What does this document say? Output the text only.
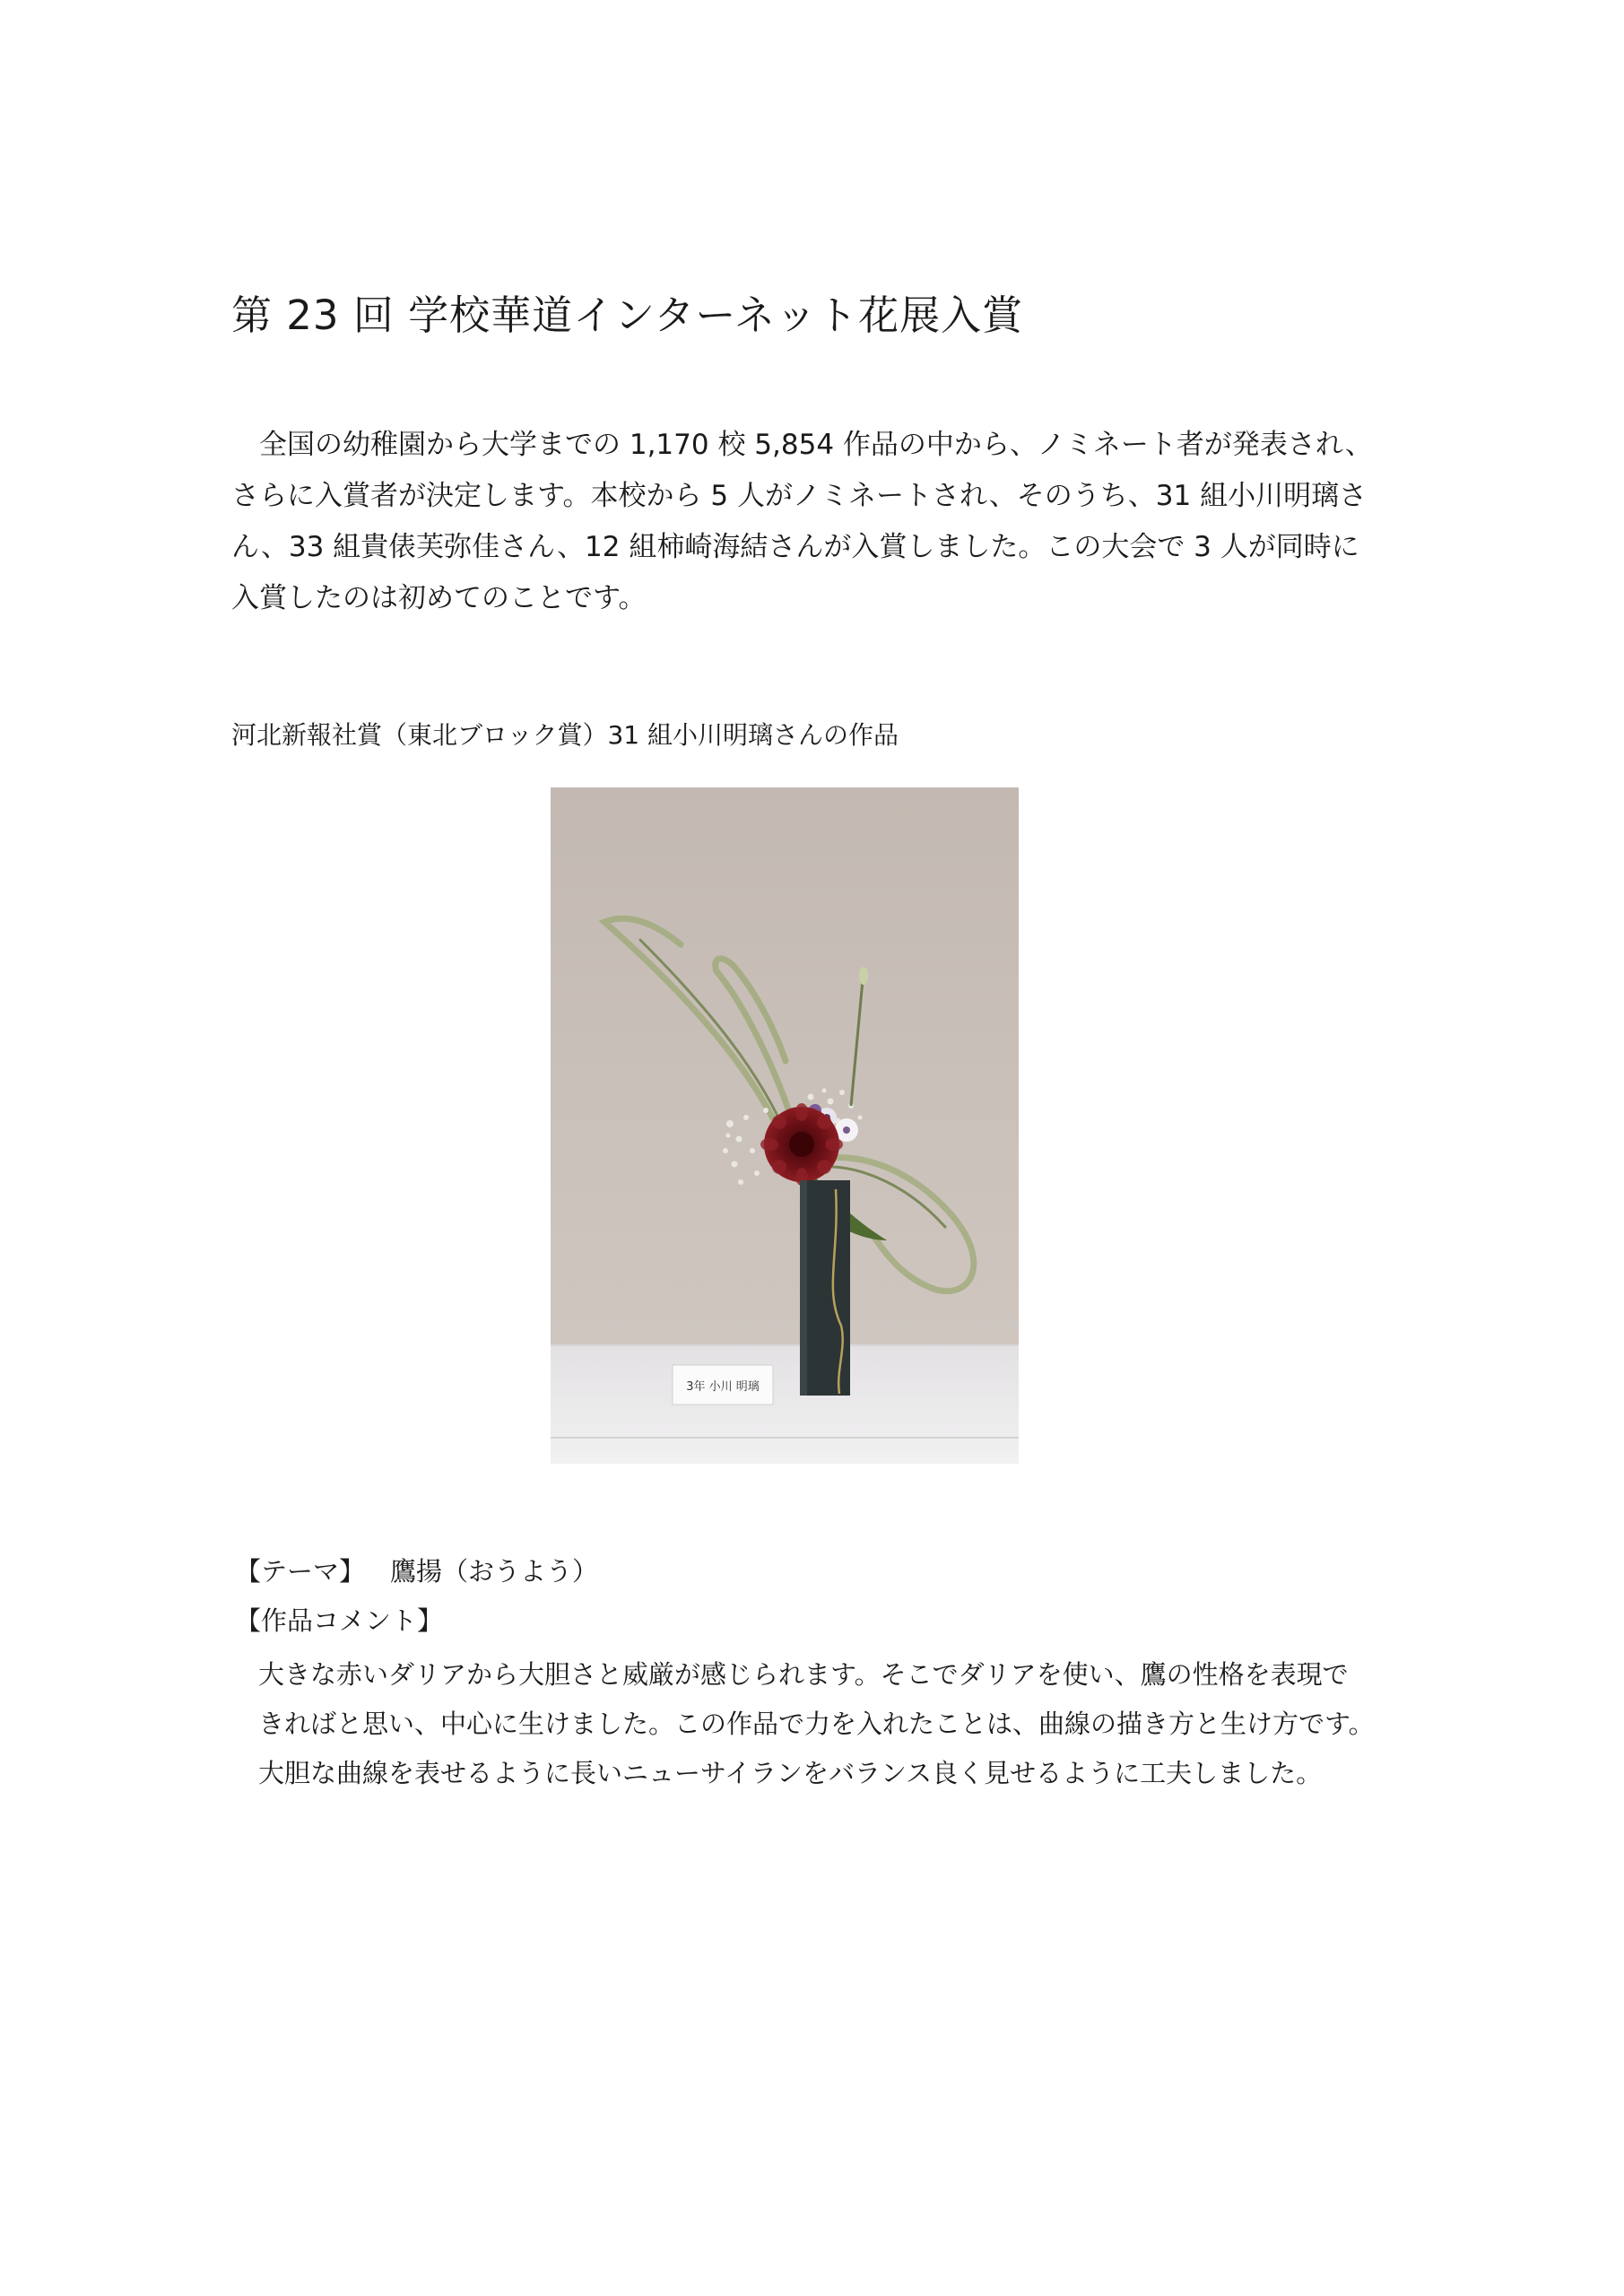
第 23 回 学校華道インターネット花展入賞
　全国の幼稚園から大学までの 1,170 校 5,854 作品の中から、ノミネート者が発表され、
さらに入賞者が決定します。本校から 5 人がノミネートされ、そのうち、31 組小川明璃さ
ん、33 組貴俵芙弥佳さん、12 組柿崎海結さんが入賞しました。この大会で 3 人が同時に
入賞したのは初めてのことです。
河北新報社賞（東北ブロック賞）31 組小川明璃さんの作品
3年 小川 明璃
【テーマ】 鷹揚（おうよう）
【作品コメント】
大きな赤いダリアから大胆さと威厳が感じられます。そこでダリアを使い、鷹の性格を表現で
きればと思い、中心に生けました。この作品で力を入れたことは、曲線の描き方と生け方です。
大胆な曲線を表せるように長いニューサイランをバランス良く見せるように工夫しました。
